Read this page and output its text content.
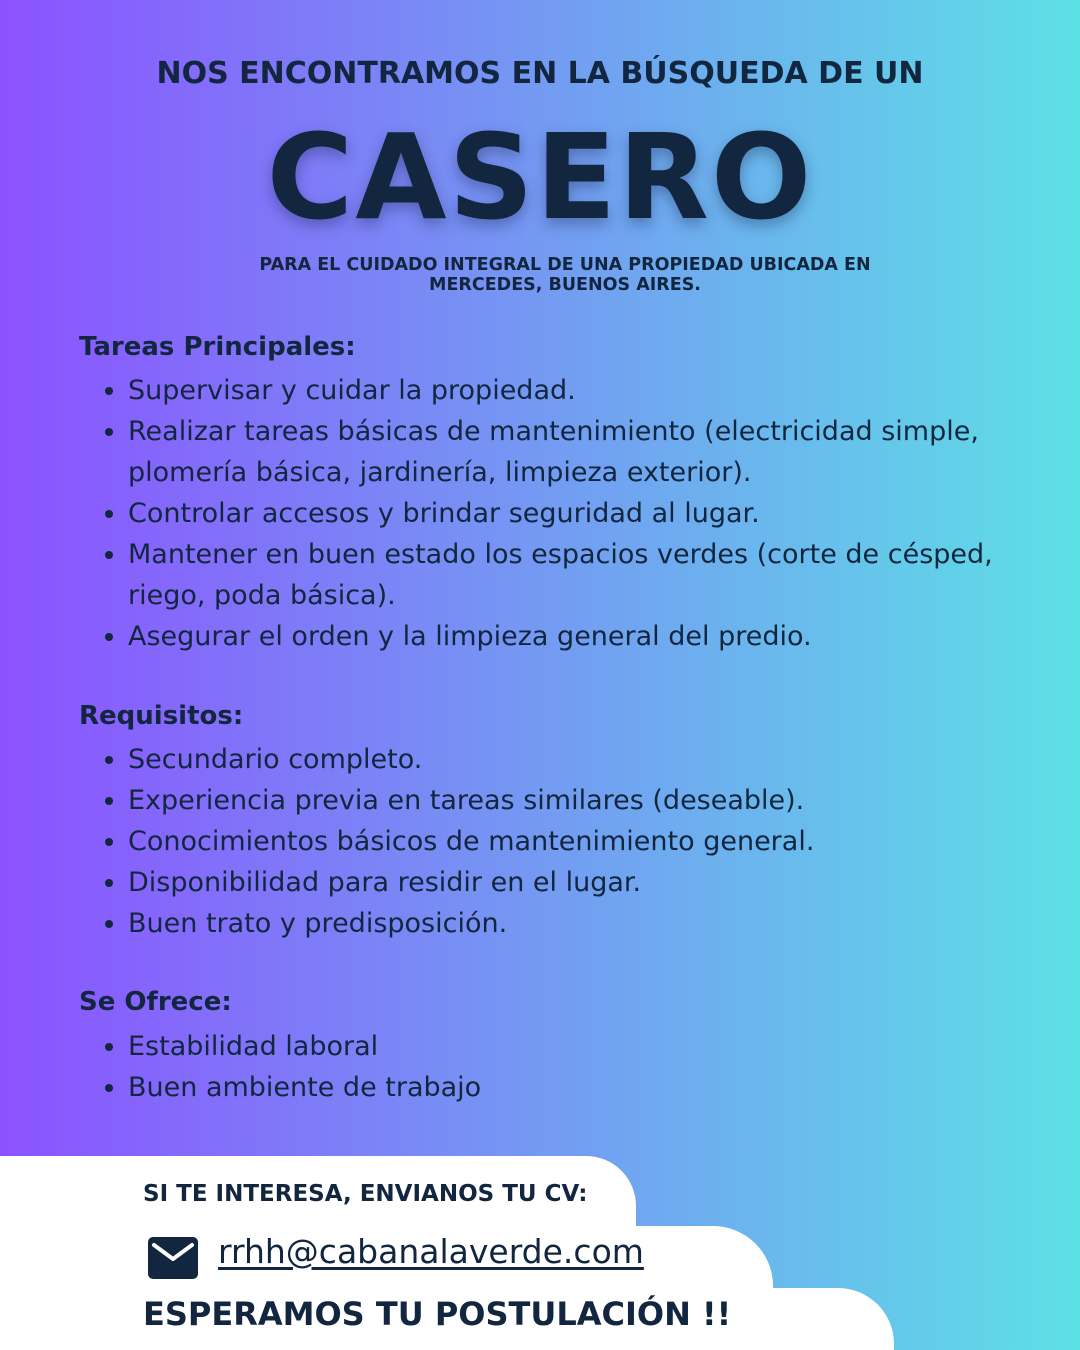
NOS ENCONTRAMOS EN LA BÚSQUEDA DE UN
CASERO
PARA EL CUIDADO INTEGRAL DE UNA PROPIEDAD UBICADA EN MERCEDES, BUENOS AIRES.
Tareas Principales:
• Supervisar y cuidar la propiedad.
• Realizar tareas básicas de mantenimiento (electricidad simple, plomería básica, jardinería, limpieza exterior).
• Controlar accesos y brindar seguridad al lugar.
• Mantener en buen estado los espacios verdes (corte de césped, riego, poda básica).
• Asegurar el orden y la limpieza general del predio.
Requisitos:
• Secundario completo.
• Experiencia previa en tareas similares (deseable).
• Conocimientos básicos de mantenimiento general.
• Disponibilidad para residir en el lugar.
• Buen trato y predisposición.
Se Ofrece:
• Estabilidad laboral
• Buen ambiente de trabajo
SI TE INTERESA, ENVIANOS TU CV:
rrhh@cabanalaverde.com
ESPERAMOS TU POSTULACIÓN !!
